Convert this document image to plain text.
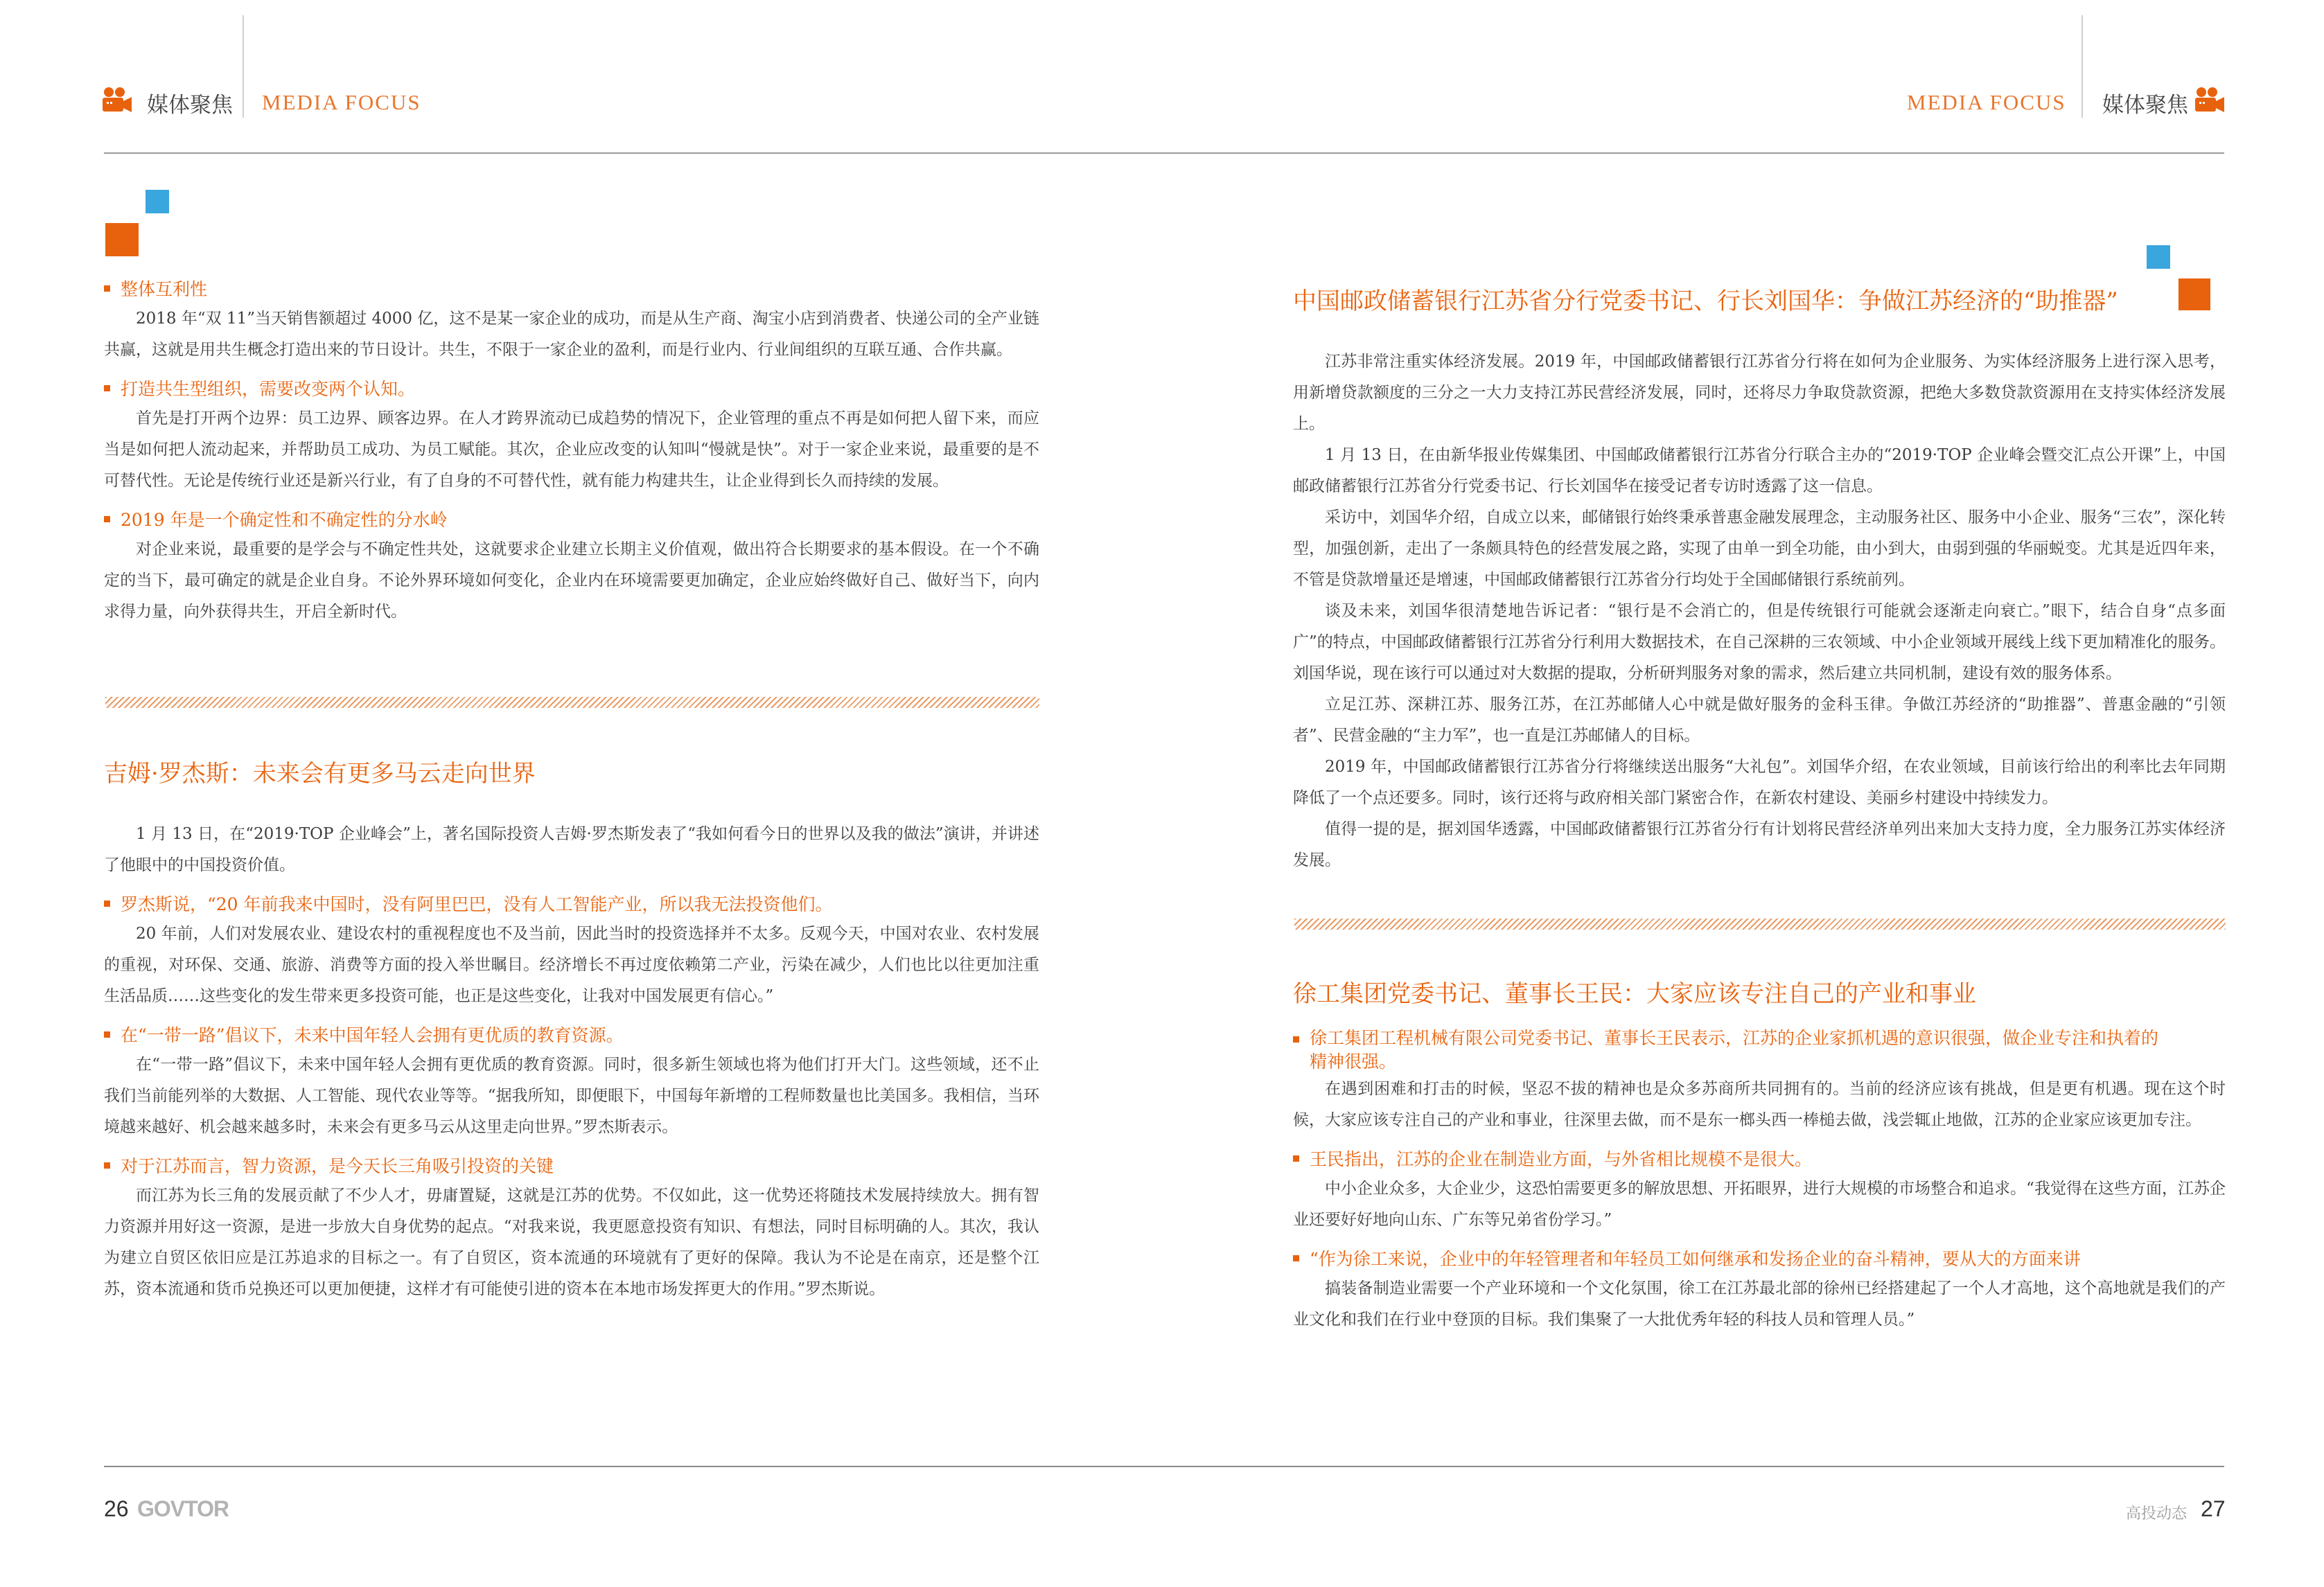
媒体聚焦 MEDIA FOCUS	MEDIA FOCUS 媒体聚焦
整体互利性

2018 年“双 11”当天销售额超过 4000 亿，这不是某一家企业的成功，而是从生产商、淘宝小店到消费者、快递公司的全产业链共赢，这就是用共生概念打造出来的节日设计。共生，不限于一家企业的盈利，而是行业内、行业间组织的互联互通、合作共赢。

打造共生型组织，需要改变两个认知。

首先是打开两个边界：员工边界、顾客边界。在人才跨界流动已成趋势的情况下，企业管理的重点不再是如何把人留下来，而应当是如何把人流动起来，并帮助员工成功、为员工赋能。其次，企业应改变的认知叫“慢就是快”。对于一家企业来说，最重要的是不可替代性。无论是传统行业还是新兴行业，有了自身的不可替代性，就有能力构建共生，让企业得到长久而持续的发展。

2019 年是一个确定性和不确定性的分水岭

对企业来说，最重要的是学会与不确定性共处，这就要求企业建立长期主义价值观，做出符合长期要求的基本假设。在一个不确定的当下，最可确定的就是企业自身。不论外界环境如何变化，企业内在环境需要更加确定，企业应始终做好自己、做好当下，向内求得力量，向外获得共生，开启全新时代。

吉姆·罗杰斯：未来会有更多马云走向世界

1 月 13 日，在“2019·TOP 企业峰会”上，著名国际投资人吉姆·罗杰斯发表了“我如何看今日的世界以及我的做法”演讲，并讲述了他眼中的中国投资价值。

罗杰斯说，“20 年前我来中国时，没有阿里巴巴，没有人工智能产业，所以我无法投资他们。

20 年前，人们对发展农业、建设农村的重视程度也不及当前，因此当时的投资选择并不太多。反观今天，中国对农业、农村发展的重视，对环保、交通、旅游、消费等方面的投入举世瞩目。经济增长不再过度依赖第二产业，污染在减少，人们也比以往更加注重生活品质……这些变化的发生带来更多投资可能，也正是这些变化，让我对中国发展更有信心。”

在“一带一路”倡议下，未来中国年轻人会拥有更优质的教育资源。

在“一带一路”倡议下，未来中国年轻人会拥有更优质的教育资源。同时，很多新生领域也将为他们打开大门。这些领域，还不止我们当前能列举的大数据、人工智能、现代农业等等。“据我所知，即便眼下，中国每年新增的工程师数量也比美国多。我相信，当环境越来越好、机会越来越多时，未来会有更多马云从这里走向世界。”罗杰斯表示。

对于江苏而言，智力资源，是今天长三角吸引投资的关键

而江苏为长三角的发展贡献了不少人才，毋庸置疑，这就是江苏的优势。不仅如此，这一优势还将随技术发展持续放大。拥有智力资源并用好这一资源，是进一步放大自身优势的起点。“对我来说，我更愿意投资有知识、有想法，同时目标明确的人。其次，我认为建立自贸区依旧应是江苏追求的目标之一。有了自贸区，资本流通的环境就有了更好的保障。我认为不论是在南京，还是整个江苏，资本流通和货币兑换还可以更加便捷，这样才有可能使引进的资本在本地市场发挥更大的作用。”罗杰斯说。

中国邮政储蓄银行江苏省分行党委书记、行长刘国华：争做江苏经济的“助推器”

江苏非常注重实体经济发展。2019 年，中国邮政储蓄银行江苏省分行将在如何为企业服务、为实体经济服务上进行深入思考，用新增贷款额度的三分之一大力支持江苏民营经济发展，同时，还将尽力争取贷款资源，把绝大多数贷款资源用在支持实体经济发展上。

1 月 13 日，在由新华报业传媒集团、中国邮政储蓄银行江苏省分行联合主办的“2019·TOP 企业峰会暨交汇点公开课”上，中国邮政储蓄银行江苏省分行党委书记、行长刘国华在接受记者专访时透露了这一信息。

采访中，刘国华介绍，自成立以来，邮储银行始终秉承普惠金融发展理念，主动服务社区、服务中小企业、服务“三农”，深化转型，加强创新，走出了一条颇具特色的经营发展之路，实现了由单一到全功能，由小到大，由弱到强的华丽蜕变。尤其是近四年来，不管是贷款增量还是增速，中国邮政储蓄银行江苏省分行均处于全国邮储银行系统前列。

谈及未来，刘国华很清楚地告诉记者：“银行是不会消亡的，但是传统银行可能就会逐渐走向衰亡。”眼下，结合自身“点多面广”的特点，中国邮政储蓄银行江苏省分行利用大数据技术，在自己深耕的三农领域、中小企业领域开展线上线下更加精准化的服务。刘国华说，现在该行可以通过对大数据的提取，分析研判服务对象的需求，然后建立共同机制，建设有效的服务体系。

立足江苏、深耕江苏、服务江苏，在江苏邮储人心中就是做好服务的金科玉律。争做江苏经济的“助推器”、普惠金融的“引领者”、民营金融的“主力军”，也一直是江苏邮储人的目标。

2019 年，中国邮政储蓄银行江苏省分行将继续送出服务“大礼包”。刘国华介绍，在农业领域，目前该行给出的利率比去年同期降低了一个点还要多。同时，该行还将与政府相关部门紧密合作，在新农村建设、美丽乡村建设中持续发力。

值得一提的是，据刘国华透露，中国邮政储蓄银行江苏省分行有计划将民营经济单列出来加大支持力度，全力服务江苏实体经济发展。

徐工集团党委书记、董事长王民：大家应该专注自己的产业和事业
徐工集团工程机械有限公司党委书记、董事长王民表示，江苏的企业家抓机遇的意识很强，做企业专注和执着的精神很强。

在遇到困难和打击的时候，坚忍不拔的精神也是众多苏商所共同拥有的。当前的经济应该有挑战，但是更有机遇。现在这个时候，大家应该专注自己的产业和事业，往深里去做，而不是东一榔头西一棒槌去做，浅尝辄止地做，江苏的企业家应该更加专注。

王民指出，江苏的企业在制造业方面，与外省相比规模不是很大。

中小企业众多，大企业少，这恐怕需要更多的解放思想、开拓眼界，进行大规模的市场整合和追求。“我觉得在这些方面，江苏企业还要好好地向山东、广东等兄弟省份学习。”

“作为徐工来说，企业中的年轻管理者和年轻员工如何继承和发扬企业的奋斗精神，要从大的方面来讲

搞装备制造业需要一个产业环境和一个文化氛围，徐工在江苏最北部的徐州已经搭建起了一个人才高地，这个高地就是我们的产业文化和我们在行业中登顶的目标。我们集聚了一大批优秀年轻的科技人员和管理人员。”

26 GOVTOR	高投动态 27
